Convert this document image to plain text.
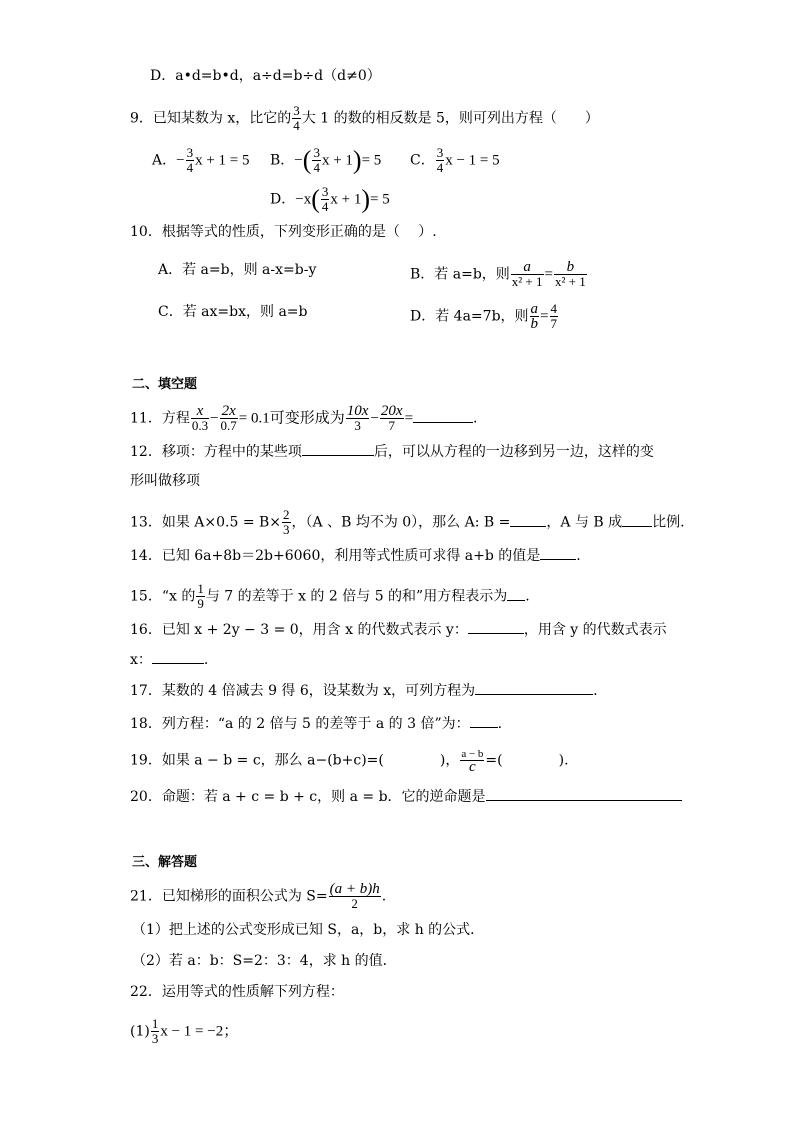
D．a•d=b•d，a÷d=b÷d（d≠0）
9．已知某数为 x，比它的 $\frac{3}{4}$ 大 1 的数的相反数是 5，则可列出方程（　　）
A．− $\frac{3}{4}$ x + 1 = 5 B．−( $\frac{3}{4}$ x + 1)= 5 C． $\frac{3}{4}$ x − 1 = 5
D．$-x( \frac{3}{4}$ x + 1)= 5
10．根据等式的性质，下列变形正确的是（　 ）.
A．若 a=b，则 a-x=b-y	B．若 a=b，则 $\frac{a}{\text{x² + 1}} = \frac{b}{\text{x² + 1}}$
C．若 ax=bx，则 a=b	D．若 4a=7b，则 $\frac{a}{b} = \frac{4}{7}$
二、填空题
11．方程 $\frac{x}{0.3} - \frac{2x}{0.7} = 0.1$可变形成为 $\frac{10x}{3} - \frac{20x}{7}$ =	.
12．移项：方程中的某些项	后，可以从方程的一边移到另一边，这样的变
形叫做移项
13．如果 $A\times 0.5 = B\times \frac{2}{3}$ ，（A 、B 均不为 0），那么 A: B =	，A 与 B 成 比例.
14．已知 6a+8b＝2b+6060，利用等式性质可求得 a+b 的值是	.
15．“x 的 $\frac{1}{9}$ 与 7 的差等于 x 的 2 倍与 5 的和”用方程表示为 .
16．已知 x + 2y − 3 = 0，用含 x 的代数式表示 y：	，用含 y 的代数式表示
x：	.
17．某数的 4 倍减去 9 得 6，设某数为 x，可列方程为	.
18．列方程：“a 的 2 倍与 5 的差等于 a 的 3 倍”为： .
19．如果 a − b = c，那么 a−(b+c)=(	)， $\frac{a - b}{c}$ =(	).
20．命题：若 a + c = b + c，则 a = b．它的逆命题是
三、解答题
21．已知梯形的面积公式为 $S= \frac{(a + b)h}{2}$ .
（1）把上述的公式变形成已知 S，a，b，求 h 的公式．
（2）若 a：b：S=2：3：4，求 h 的值．
22．运用等式的性质解下列方程：
$(1) \frac{1}{3}$ x − 1 = −2；
